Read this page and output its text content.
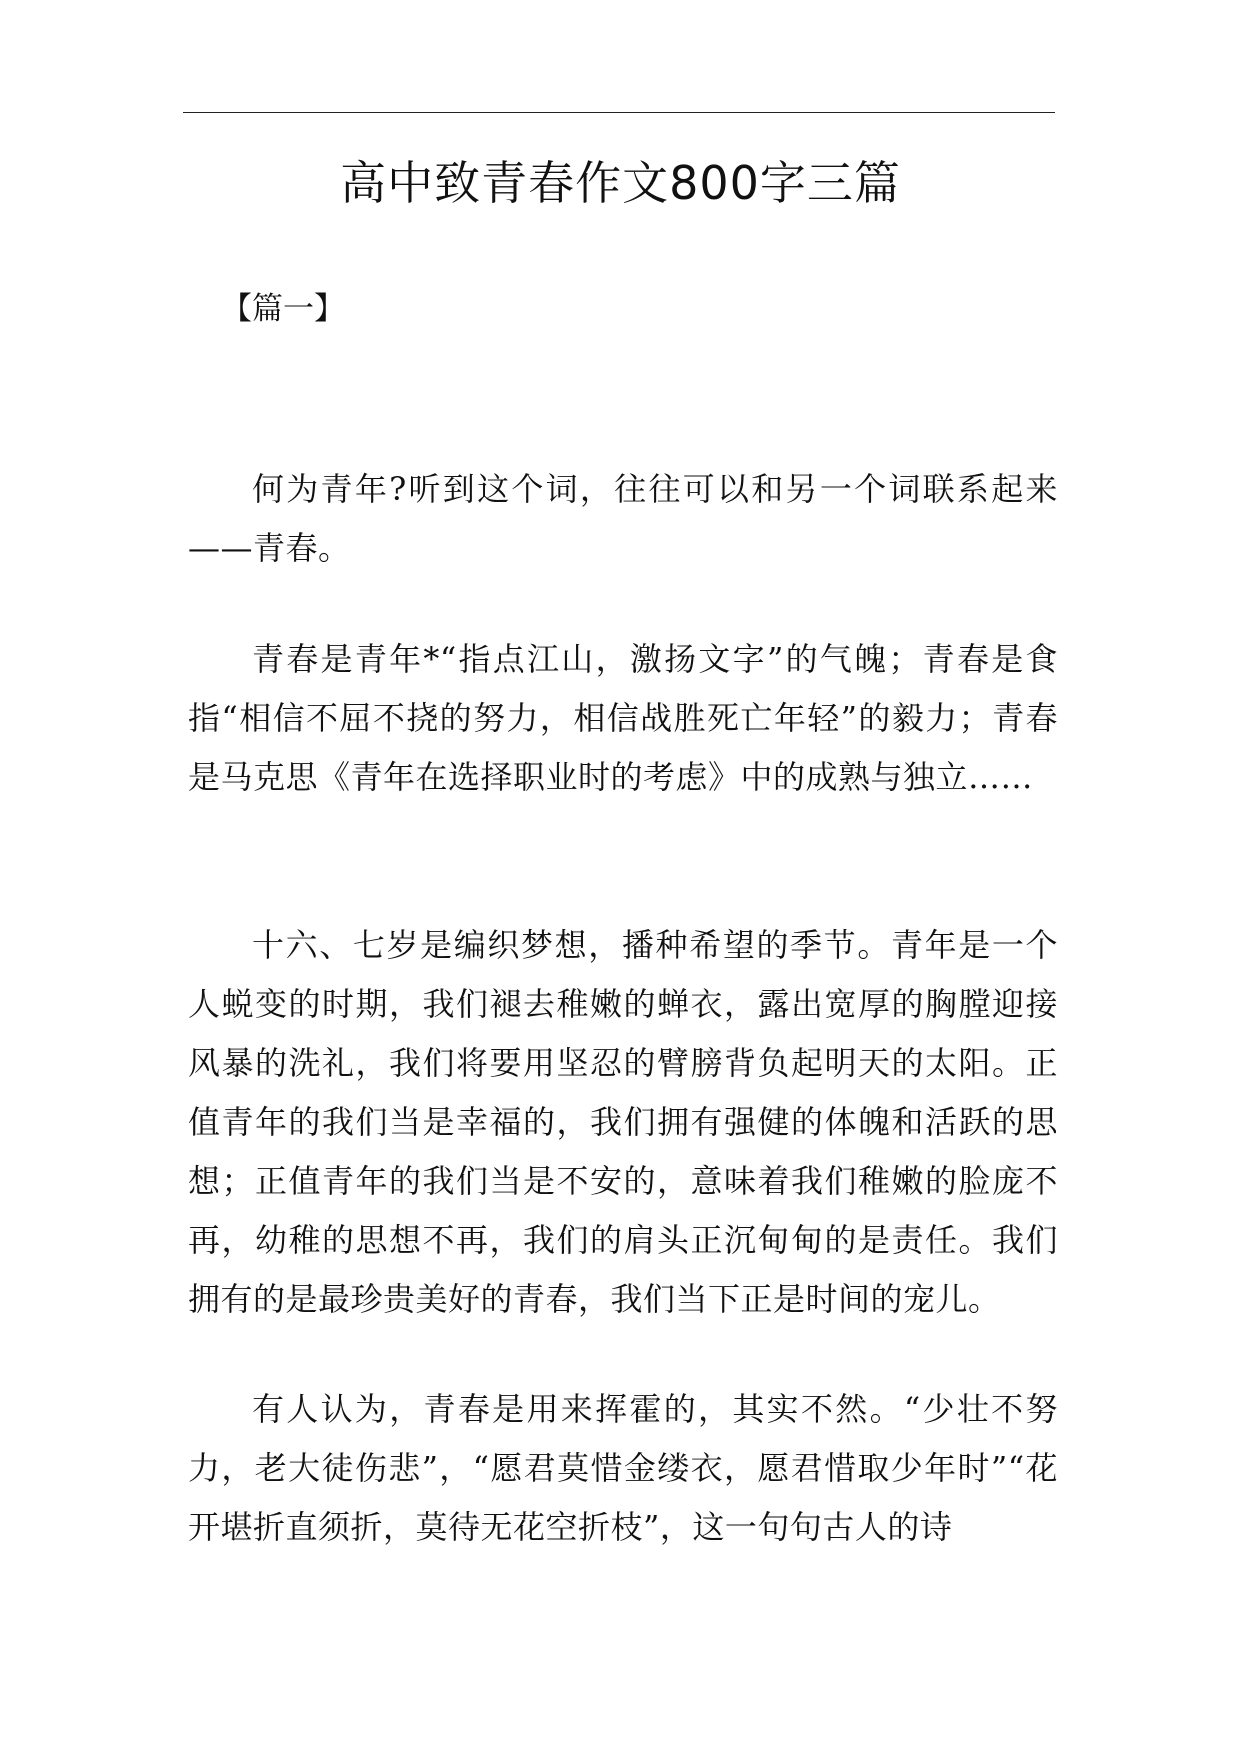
高中致青春作文800字三篇
【篇一】

何为青年?听到这个词，往往可以和另一个词联系起来——青春。

青春是青年*“指点江山，激扬文字”的气魄；青春是食指“相信不屈不挠的努力，相信战胜死亡年轻”的毅力；青春是马克思《青年在选择职业时的考虑》中的成熟与独立……

十六、七岁是编织梦想，播种希望的季节。青年是一个人蜕变的时期，我们褪去稚嫩的蝉衣，露出宽厚的胸膛迎接风暴的洗礼，我们将要用坚忍的臂膀背负起明天的太阳。正值青年的我们当是幸福的，我们拥有强健的体魄和活跃的思想；正值青年的我们当是不安的，意味着我们稚嫩的脸庞不再，幼稚的思想不再，我们的肩头正沉甸甸的是责任。我们拥有的是最珍贵美好的青春，我们当下正是时间的宠儿。

有人认为，青春是用来挥霍的，其实不然。“少壮不努力，老大徒伤悲”，“愿君莫惜金缕衣，愿君惜取少年时”“花开堪折直须折，莫待无花空折枝”，这一句句古人的诗
